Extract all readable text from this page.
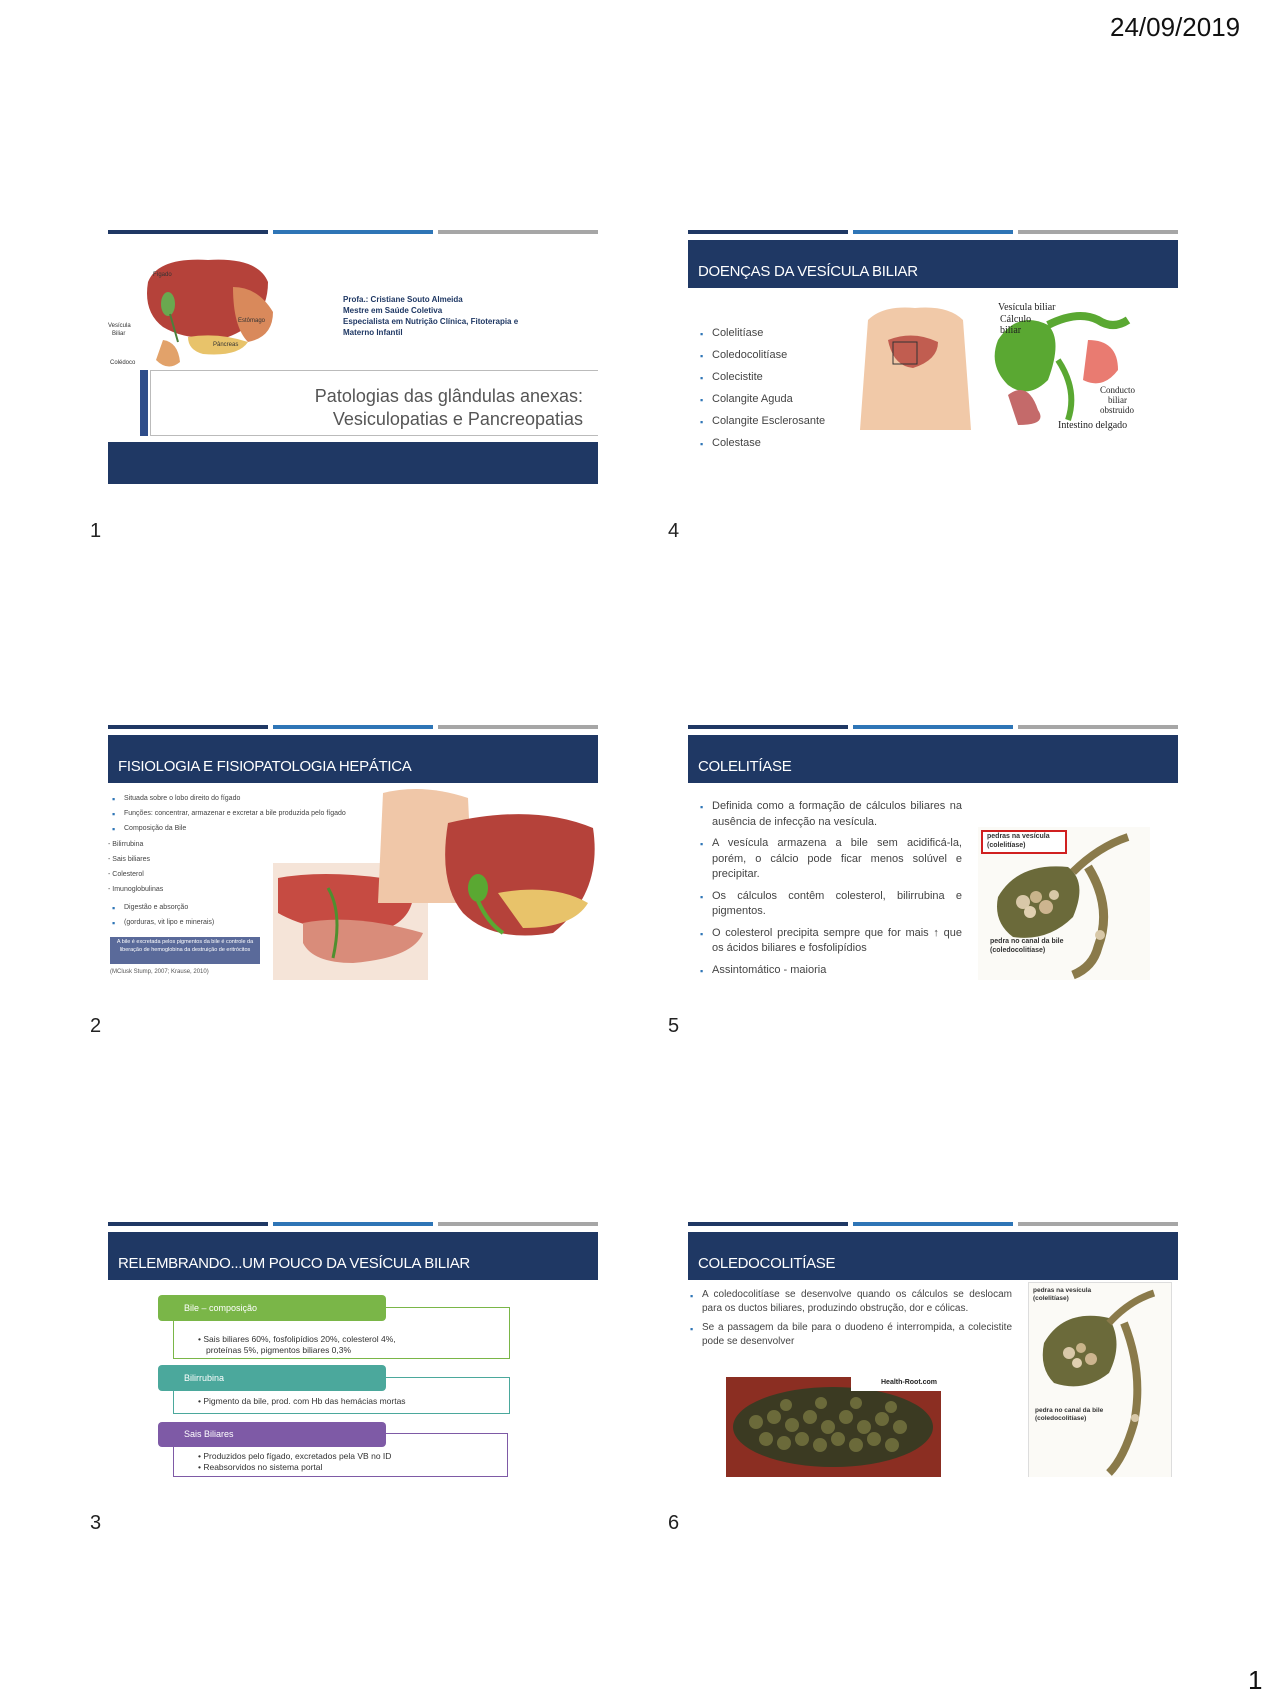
24/09/2019
Fígado
Vesícula
Biliar
Estômago
Pâncreas
Colédoco
Profa.: Cristiane Souto Almeida
Mestre em Saúde Coletiva
Especialista em Nutrição Clínica, Fitoterapia e
Materno Infantil
Patologias das glândulas anexas:
Vesiculopatias e Pancreopatias
1
DOENÇAS DA VESÍCULA BILIAR
▪ Colelitíase
▪ Coledocolitíase
▪ Colecistite
▪ Colangite Aguda
▪ Colangite Esclerosante
▪ Colestase
Vesícula biliar
Cálculo
biliar
Conducto
biliar
obstruido
Intestino delgado
4
FISIOLOGIA E FISIOPATOLOGIA HEPÁTICA
▪ Situada sobre o lobo direito do fígado
▪ Funções: concentrar, armazenar e excretar a bile produzida pelo fígado
▪ Composição da Bile
- Bilirrubina
- Sais biliares
- Colesterol
- Imunoglobulinas
▪ Digestão e absorção
▪ (gorduras, vit lipo e minerais)
A bile é excretada pelos pigmentos da bile é controle da liberação de hemoglobina da destruição de eritrócitos
(MClusk Stump, 2007; Krause, 2010)
2
COLELITÍASE
▪ Definida como a formação de cálculos biliares na ausência de infecção na vesícula.
▪ A vesícula armazena a bile sem acidificá-la, porém, o cálcio pode ficar menos solúvel e precipitar.
▪ Os cálculos contêm colesterol, bilirrubina e pigmentos.
▪ O colesterol precipita sempre que for mais ↑ que os ácidos biliares e fosfolipídios
▪ Assintomático - maioria
pedras na vesícula
(colelitíase)
pedra no canal da bile
(coledocolitíase)
5
RELEMBRANDO...UM POUCO DA VESÍCULA BILIAR
• Sais biliares 60%, fosfolipídios 20%, colesterol 4%,
proteínas 5%, pigmentos biliares 0,3%
Bile – composição
• Pigmento da bile, prod. com Hb das hemácias mortas
Bilirrubina
• Produzidos pelo fígado, excretados pela VB no ID
• Reabsorvidos no sistema portal
Sais Biliares
3
COLEDOCOLITÍASE
▪ A coledocolitíase se desenvolve quando os cálculos se deslocam para os ductos biliares, produzindo obstrução, dor e cólicas.
▪ Se a passagem da bile para o duodeno é interrompida, a colecistite pode se desenvolver
Health-Root.com
pedras na vesícula
(colelitíase)
pedra no canal da bile
(coledocolitíase)
6
1
